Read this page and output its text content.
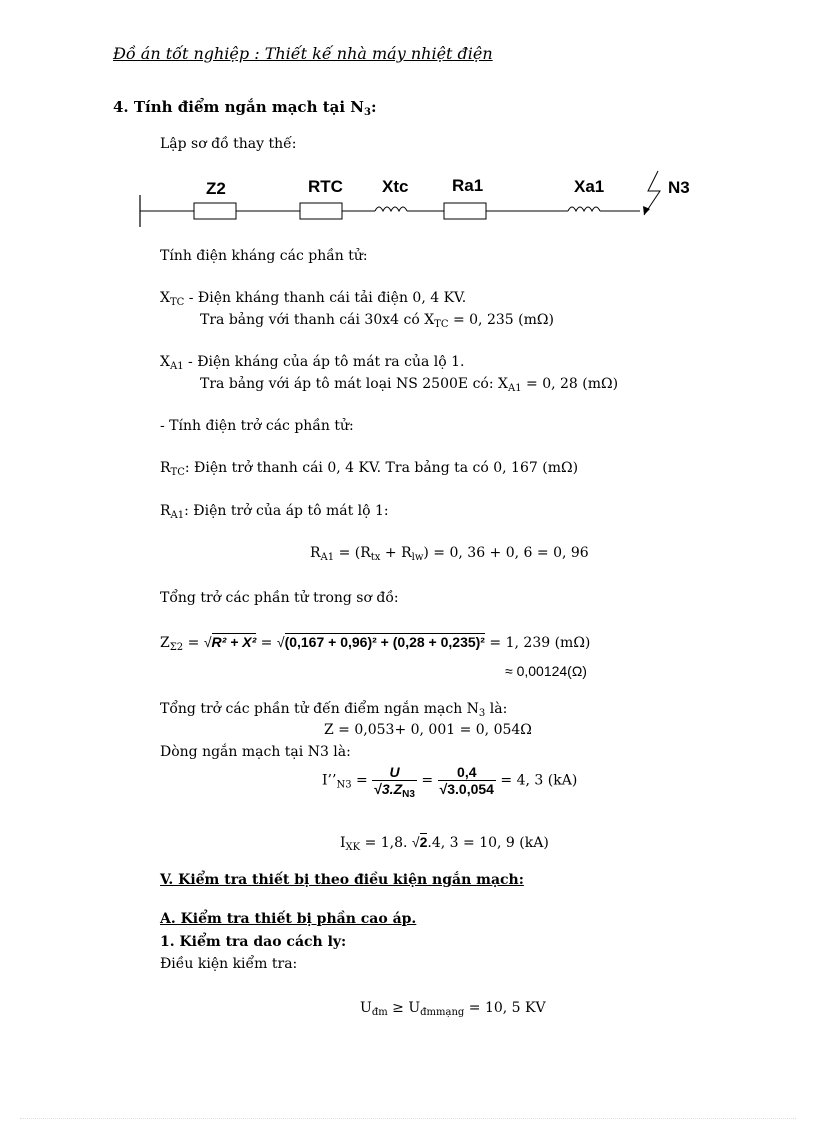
Đồ án tốt nghiệp : Thiết kế nhà máy nhiệt điện
4. Tính điểm ngắn mạch tại $N_3$:
Lập sơ đồ thay thế:
Z2	RTC Xtc	Ra1	Xa1	N3
Tính điện kháng các phần tử:
$X_{TC}$ - Điện kháng thanh cái tải điện 0, 4 KV.
Tra bảng với thanh cái 30x4 có $X_{TC} = 0$, 235 (mΩ)
$X_{A1}$ - Điện kháng của áp tô mát ra của lộ 1.
Tra bảng với áp tô mát loại NS 2500E có: $X_{A1} = 0$, 28 (mΩ)
- Tính điện trở các phần tử:
$R_{TC}$: Điện trở thanh cái 0, 4 KV. Tra bảng ta có 0, 167 (mΩ)
$R_{A1}$: Điện trở của áp tô mát lộ 1:
$R_{A1} = (R_{tx} + R_{lw}) = 0$, 36 + 0, 6 = 0, 96
Tổng trở các phần tử trong sơ đồ:
$Z_{\Sigma 2} = √R^2 + X^2 = √(0,167 + 0,96)^2 + (0,28 + 0,235)^2 = 1$, 239 (mΩ)
≈ 0,00124(Ω)
Tổng trở các phần tử đến điểm ngắn mạch $N_3$ là:
Z = 0,053+ 0, 001 = 0, 054Ω
Dòng ngắn mạch tại N3 là:
$I’’_{N3} = \frac{U}{√3.Z_{N3}} = \frac{0,4}{√3.0,054} = 4$, 3 (kA)
$I_{XK} = 1,8$. √2.4, 3 = 10, 9 (kA)
V. Kiểm tra thiết bị theo điều kiện ngắn mạch:
A. Kiểm tra thiết bị phần cao áp.
1. Kiểm tra dao cách ly:
Điều kiện kiểm tra:
$U_{đm} \ge U_{đmmạng} = 10$, 5 KV
